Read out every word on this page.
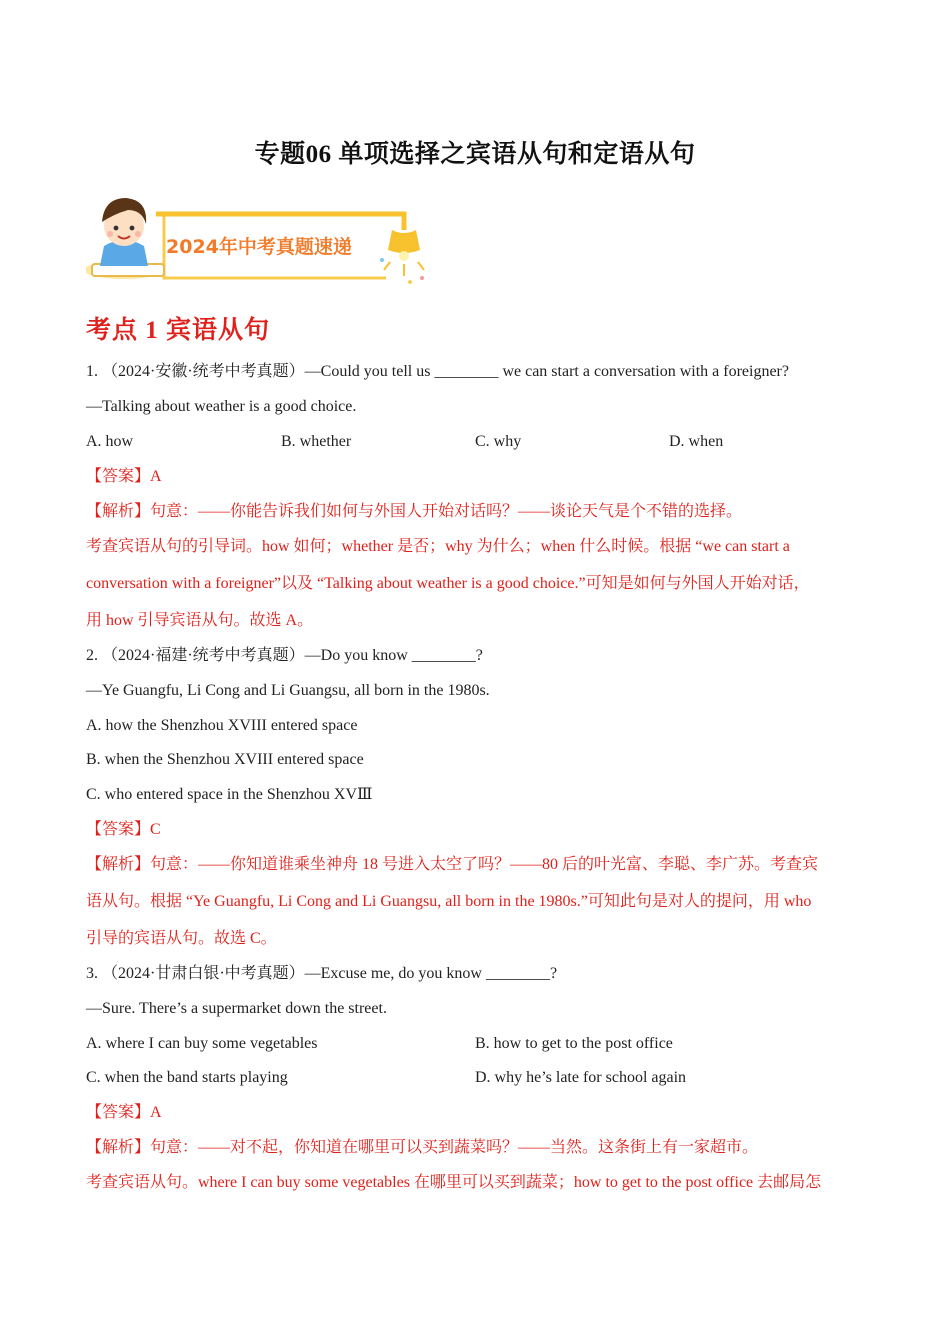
专题06 单项选择之宾语从句和定语从句
2024年中考真题速递
考点 1 宾语从句
1. （2024·安徽·统考中考真题）—Could you tell us ________ we can start a conversation with a foreigner?
—Talking about weather is a good choice.
A. how	B. whether	C. why	D. when
【答案】A
【解析】句意：——你能告诉我们如何与外国人开始对话吗？——谈论天气是个不错的选择。
考查宾语从句的引导词。how 如何；whether 是否；why 为什么；when 什么时候。根据 “we can start a
conversation with a foreigner”以及 “Talking about weather is a good choice.”可知是如何与外国人开始对话，
用 how 引导宾语从句。故选 A。
2. （2024·福建·统考中考真题）—Do you know ________?
—Ye Guangfu, Li Cong and Li Guangsu, all born in the 1980s.
A. how the Shenzhou XVIII entered space
B. when the Shenzhou XVIII entered space
C. who entered space in the Shenzhou XVⅢ
【答案】C
【解析】句意：——你知道谁乘坐神舟 18 号进入太空了吗？——80 后的叶光富、李聪、李广苏。考查宾
语从句。根据 “Ye Guangfu, Li Cong and Li Guangsu, all born in the 1980s.”可知此句是对人的提问，用 who
引导的宾语从句。故选 C。
3. （2024·甘肃白银·中考真题）—Excuse me, do you know ________?
—Sure. There’s a supermarket down the street.
A. where I can buy some vegetables	B. how to get to the post office
C. when the band starts playing	D. why he’s late for school again
【答案】A
【解析】句意：——对不起，你知道在哪里可以买到蔬菜吗？——当然。这条街上有一家超市。
考查宾语从句。where I can buy some vegetables 在哪里可以买到蔬菜；how to get to the post office 去邮局怎
